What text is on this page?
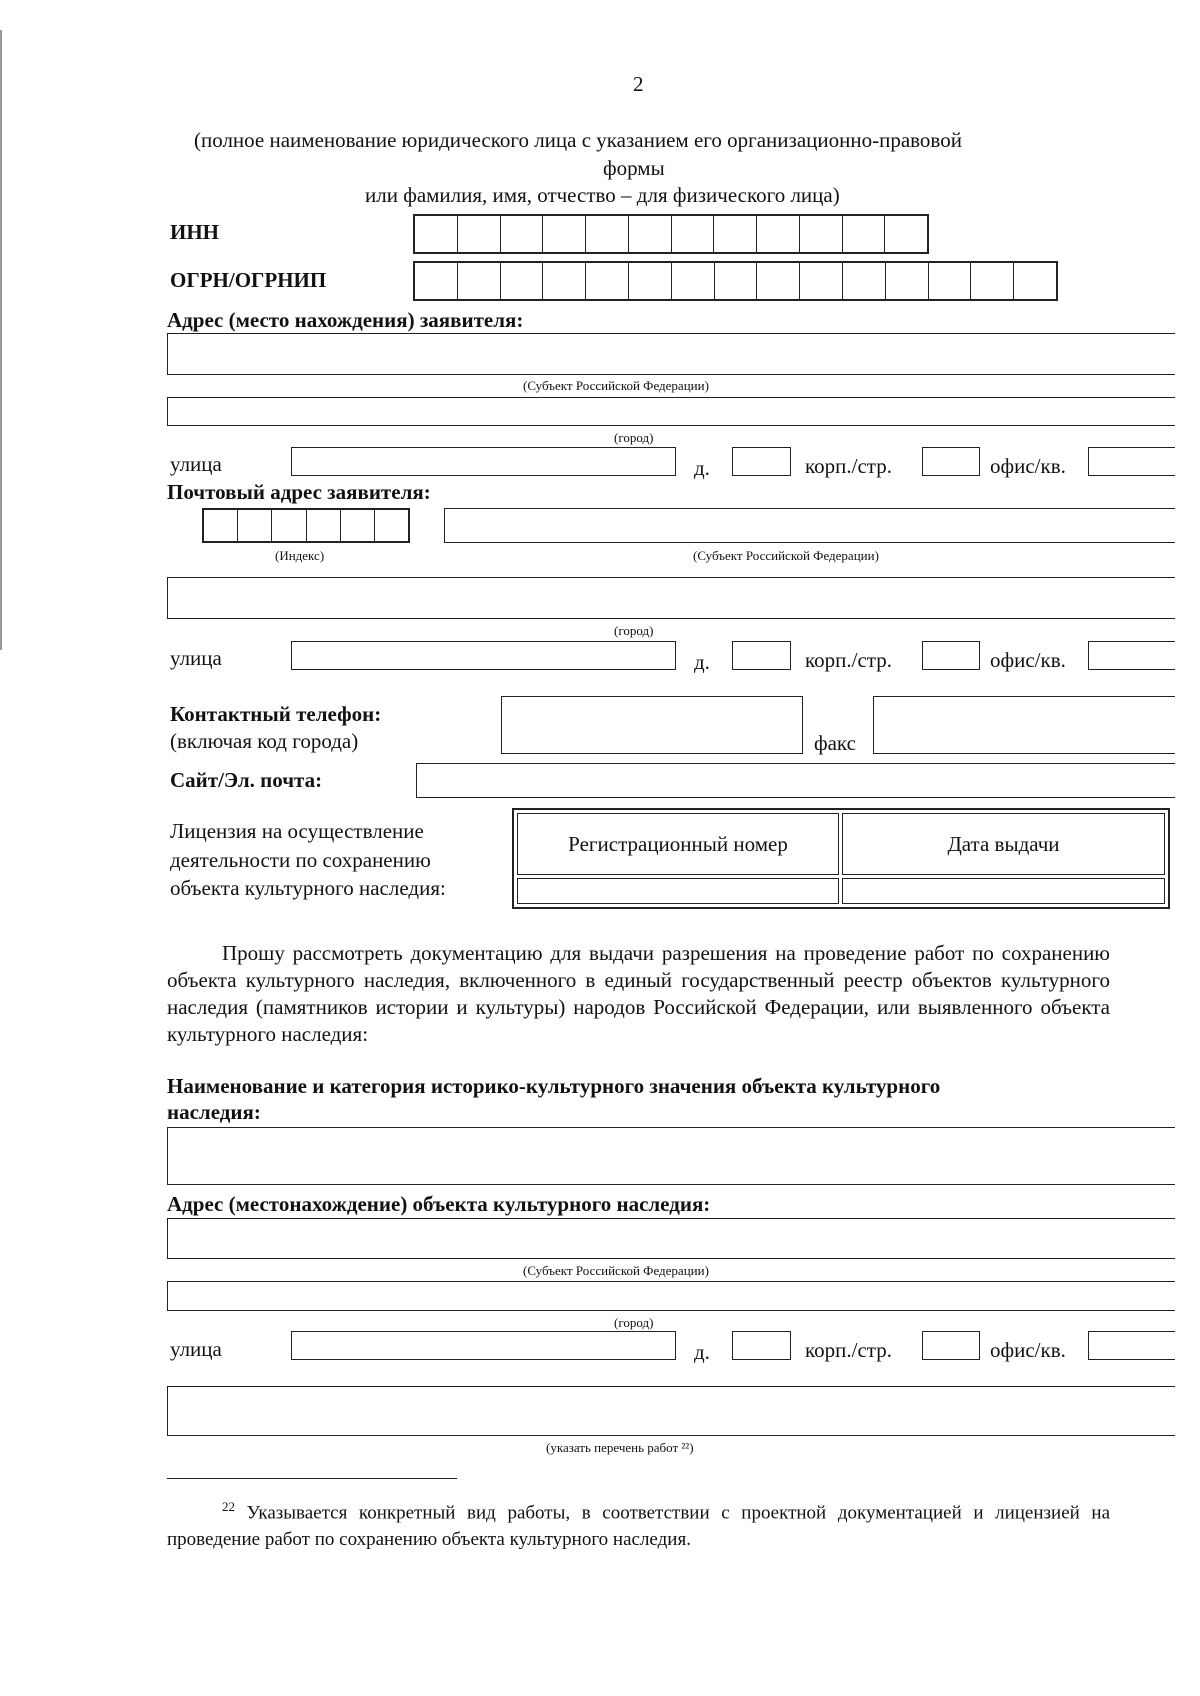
2
(полное наименование юридического лица с указанием его организационно-правовой
формы
или фамилия, имя, отчество – для физического лица)
ИНН
ОГРН/ОГРНИП
Адрес (место нахождения) заявителя:
(Субъект Российской Федерации)
(город)
улица	д.	корп./стр.	офис/кв.
Почтовый адрес заявителя:
(Индекс)	(Субъект Российской Федерации)
(город)
улица	д.	корп./стр.	офис/кв.
Контактный телефон:
(включая код города)	факс
Сайт/Эл. почта:
Лицензия на осуществление
деятельности по сохранению
объекта культурного наследия:
Регистрационный номер	Дата выдачи

Прошу рассмотреть документацию для выдачи разрешения на проведение работ по сохранению объекта культурного наследия, включенного в единый государственный реестр объектов культурного наследия (памятников истории и культуры) народов Российской Федерации, или выявленного объекта культурного наследия:
Наименование и категория историко-культурного значения объекта культурного
наследия:
Адрес (местонахождение) объекта культурного наследия:
(Субъект Российской Федерации)
(город)
улица	д.	корп./стр.	офис/кв.
(указать перечень работ ²²)
$^{22}$ Указывается конкретный вид работы, в соответствии с проектной документацией и лицензией на проведение работ по сохранению объекта культурного наследия.
